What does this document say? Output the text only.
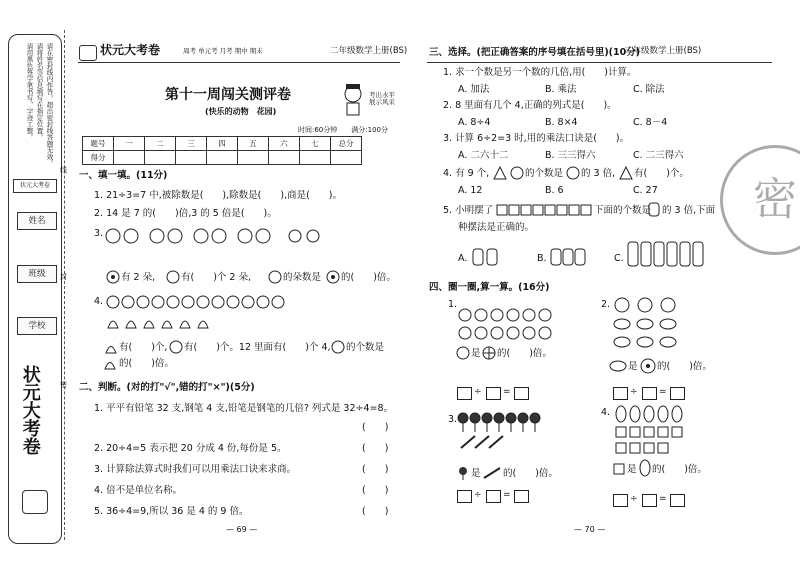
请在密封线内作答，超出密封线答题无效。
请将姓名等信息填写在指定位置。
请用黑色签字笔书写，字迹工整。
状元大考卷
状元大考卷
姓名
班级
学校
线
封
密
状元大考卷	周考 单元考 月考 期中 期末	二年级数学上册(BS)	二年级数学上册(BS)
第十一周闯关测评卷
(快乐的动物　花园)
考出水平 展示风采
时间:60分钟　　满分:100分
题号	一	二	三	四	五	六	七	总分
得分								
一、填一填。(11分)
1. 21÷3=7 中,被除数是(　　),除数是(　　),商是(　　)。
2. 14 是 7 的(　　)倍,3 的 5 倍是(　　)。
3.
有 2 朵,	有(　　)个 2 朵,	的朵数是 的(　　)倍。
4.
有(　　)个, 有(　　)个。12 里面有(　　)个 4, 的个数是
的(　　)倍。
二、判断。(对的打"√",错的打"×")(5分)
1. 平平有铅笔 32 支,钢笔 4 支,铅笔是钢笔的几倍? 列式是 32÷4=8。
(　　)
2. 20÷4=5 表示把 20 分成 4 份,每份是 5。	(　　)
3. 计算除法算式时我们可以用乘法口诀来求商。	(　　)
4. 倍不是单位名称。	(　　)
5. 36÷4=9,所以 36 是 4 的 9 倍。	(　　)
— 69 —
密
三、选择。(把正确答案的序号填在括号里)(10分)
1. 求一个数是另一个数的几倍,用(　　)计算。
A. 加法	B. 乘法	C. 除法
2. 8 里面有几个 4,正确的列式是(　　)。
A. 8÷4	B. 8×4	C. 8－4
3. 计算 6÷2=3 时,用的乘法口诀是(　　)。
A. 二六十二	B. 三三得六	C. 二三得六
4. 有 9 个,	的个数是 的 3 倍, 有(　　)个。
A. 12	B. 6	C. 27
5. 小明摆了	下面的个数是 的 3 倍,下面
种摆法是正确的。
A.	B.	C.
四、圈一圈,算一算。(16分)
1.
是 的(　　)倍。
÷ =
2.
是 的(　　)倍。
÷ =
3.
是 的(　　)倍。
÷ =
4.
是 的(　　)倍。
÷ =
— 70 —
